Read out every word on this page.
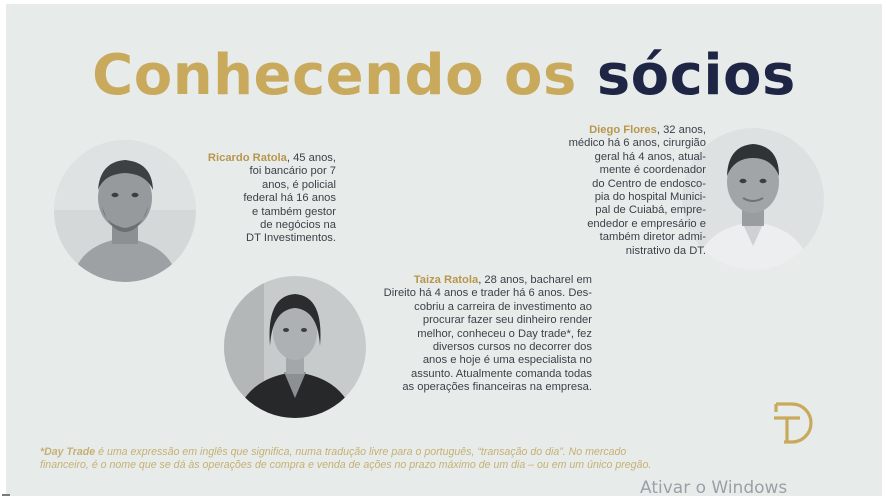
Conhecendo os sócios
Ricardo Ratola, 45 anos,
foi bancário por 7
anos, é policial
federal há 16 anos
e também gestor
de negócios na
DT Investimentos.
Diego Flores, 32 anos,
médico há 6 anos, cirurgião
geral há 4 anos, atual-
mente é coordenador
do Centro de endosco-
pia do hospital Munici-
pal de Cuiabá, empre-
endedor e empresário e
também diretor admi-
nistrativo da DT.
Taiza Ratola, 28 anos, bacharel em
Direito há 4 anos e trader há 6 anos. Des-
cobriu a carreira de investimento ao
procurar fazer seu dinheiro render
melhor, conheceu o Day trade*, fez
diversos cursos no decorrer dos
anos e hoje é uma especialista no
assunto. Atualmente comanda todas
as operações financeiras na empresa.
*Day Trade é uma expressão em inglês que significa, numa tradução livre para o português, “transação do dia”. No mercado
financeiro, é o nome que se dá às operações de compra e venda de ações no prazo máximo de um dia – ou em um único pregão.
Ativar o Windows
